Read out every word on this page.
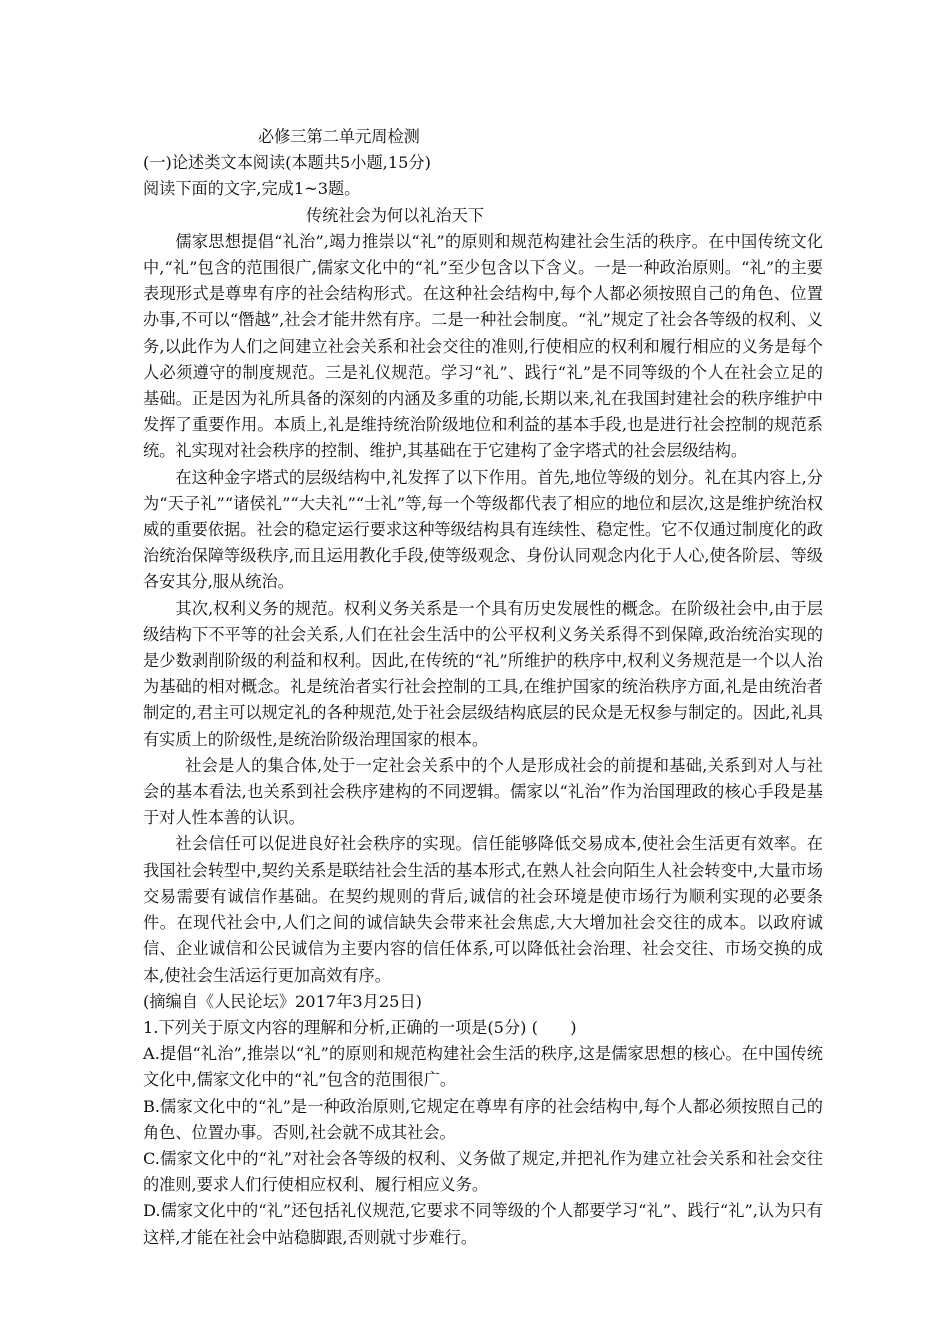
必修三第二单元周检测
(一)论述类文本阅读(本题共5小题,15分)
阅读下面的文字,完成1~3题。
传统社会为何以礼治天下

儒家思想提倡“礼治”,竭力推崇以“礼”的原则和规范构建社会生活的秩序。在中国传统文化中,“礼”包含的范围很广,儒家文化中的“礼”至少包含以下含义。一是一种政治原则。“礼”的主要表现形式是尊卑有序的社会结构形式。在这种社会结构中,每个人都必须按照自己的角色、位置办事,不可以“僭越”,社会才能井然有序。二是一种社会制度。“礼”规定了社会各等级的权利、义务,以此作为人们之间建立社会关系和社会交往的准则,行使相应的权利和履行相应的义务是每个人必须遵守的制度规范。三是礼仪规范。学习“礼”、践行“礼”是不同等级的个人在社会立足的基础。正是因为礼所具备的深刻的内涵及多重的功能,长期以来,礼在我国封建社会的秩序维护中发挥了重要作用。本质上,礼是维持统治阶级地位和利益的基本手段,也是进行社会控制的规范系统。礼实现对社会秩序的控制、维护,其基础在于它建构了金字塔式的社会层级结构。

在这种金字塔式的层级结构中,礼发挥了以下作用。首先,地位等级的划分。礼在其内容上,分为“天子礼”“诸侯礼”“大夫礼”“士礼”等,每一个等级都代表了相应的地位和层次,这是维护统治权威的重要依据。社会的稳定运行要求这种等级结构具有连续性、稳定性。它不仅通过制度化的政治统治保障等级秩序,而且运用教化手段,使等级观念、身份认同观念内化于人心,使各阶层、等级各安其分,服从统治。

其次,权利义务的规范。权利义务关系是一个具有历史发展性的概念。在阶级社会中,由于层级结构下不平等的社会关系,人们在社会生活中的公平权利义务关系得不到保障,政治统治实现的是少数剥削阶级的利益和权利。因此,在传统的“礼”所维护的秩序中,权利义务规范是一个以人治为基础的相对概念。礼是统治者实行社会控制的工具,在维护国家的统治秩序方面,礼是由统治者制定的,君主可以规定礼的各种规范,处于社会层级结构底层的民众是无权参与制定的。因此,礼具有实质上的阶级性,是统治阶级治理国家的根本。

社会是人的集合体,处于一定社会关系中的个人是形成社会的前提和基础,关系到对人与社会的基本看法,也关系到社会秩序建构的不同逻辑。儒家以“礼治”作为治国理政的核心手段是基于对人性本善的认识。

社会信任可以促进良好社会秩序的实现。信任能够降低交易成本,使社会生活更有效率。在我国社会转型中,契约关系是联结社会生活的基本形式,在熟人社会向陌生人社会转变中,大量市场交易需要有诚信作基础。在契约规则的背后,诚信的社会环境是使市场行为顺利实现的必要条件。在现代社会中,人们之间的诚信缺失会带来社会焦虑,大大增加社会交往的成本。以政府诚信、企业诚信和公民诚信为主要内容的信任体系,可以降低社会治理、社会交往、市场交换的成本,使社会生活运行更加高效有序。

(摘编自《人民论坛》2017年3月25日)
1.下列关于原文内容的理解和分析,正确的一项是(5分) (　　)
A.提倡“礼治”,推崇以“礼”的原则和规范构建社会生活的秩序,这是儒家思想的核心。在中国传统文化中,儒家文化中的“礼”包含的范围很广。
B.儒家文化中的“礼”是一种政治原则,它规定在尊卑有序的社会结构中,每个人都必须按照自己的角色、位置办事。否则,社会就不成其社会。
C.儒家文化中的“礼”对社会各等级的权利、义务做了规定,并把礼作为建立社会关系和社会交往的准则,要求人们行使相应权利、履行相应义务。
D.儒家文化中的“礼”还包括礼仪规范,它要求不同等级的个人都要学习“礼”、践行“礼”,认为只有这样,才能在社会中站稳脚跟,否则就寸步难行。
